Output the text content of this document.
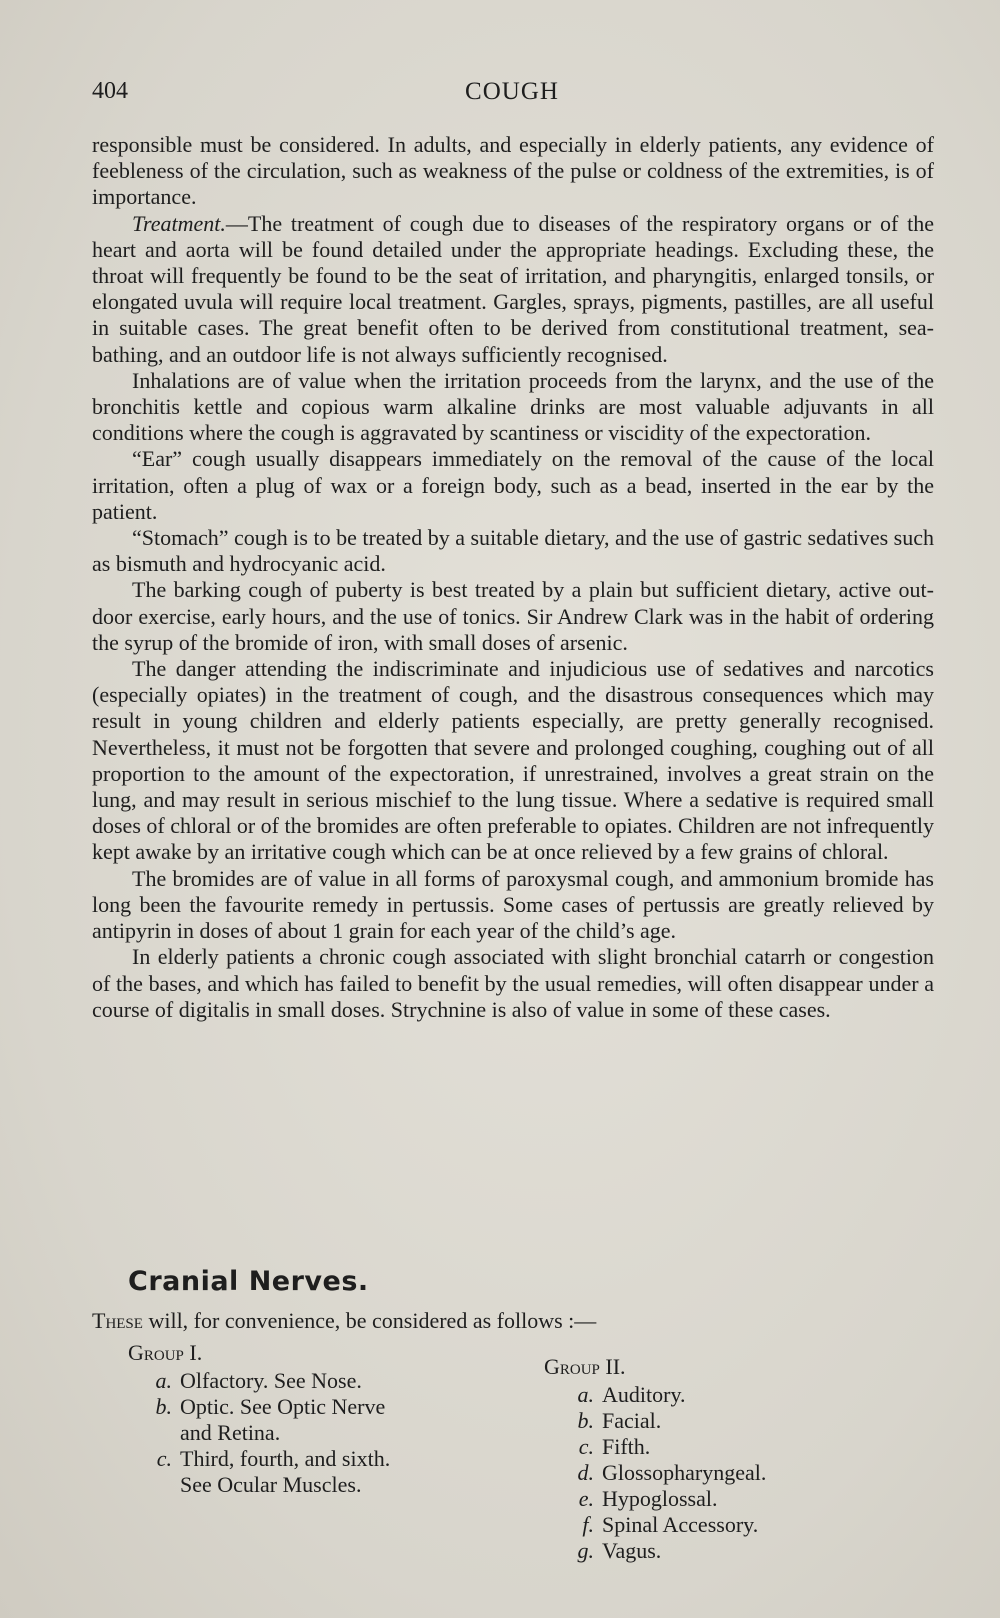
404	COUGH

responsible must be considered. In adults, and especially in elderly patients, any evidence of feebleness of the circulation, such as weakness of the pulse or coldness of the extremities, is of importance.

Treatment.—The treatment of cough due to diseases of the respiratory organs or of the heart and aorta will be found detailed under the appropriate headings. Excluding these, the throat will frequently be found to be the seat of irritation, and pharyngitis, enlarged tonsils, or elongated uvula will require local treatment. Gargles, sprays, pigments, pastilles, are all useful in suitable cases. The great benefit often to be derived from constitutional treatment, sea-bathing, and an outdoor life is not always sufficiently recognised.

Inhalations are of value when the irritation proceeds from the larynx, and the use of the bronchitis kettle and copious warm alkaline drinks are most valuable adjuvants in all conditions where the cough is aggravated by scantiness or viscidity of the expectoration.

“Ear” cough usually disappears immediately on the removal of the cause of the local irritation, often a plug of wax or a foreign body, such as a bead, inserted in the ear by the patient.

“Stomach” cough is to be treated by a suitable dietary, and the use of gastric sedatives such as bismuth and hydrocyanic acid.

The barking cough of puberty is best treated by a plain but sufficient dietary, active out-door exercise, early hours, and the use of tonics. Sir Andrew Clark was in the habit of ordering the syrup of the bromide of iron, with small doses of arsenic.

The danger attending the indiscriminate and injudicious use of sedatives and narcotics (especially opiates) in the treatment of cough, and the disastrous consequences which may result in young children and elderly patients especially, are pretty generally recognised. Nevertheless, it must not be forgotten that severe and prolonged coughing, coughing out of all proportion to the amount of the expectoration, if unrestrained, involves a great strain on the lung, and may result in serious mischief to the lung tissue. Where a sedative is required small doses of chloral or of the bromides are often preferable to opiates. Children are not infrequently kept awake by an irritative cough which can be at once relieved by a few grains of chloral.

The bromides are of value in all forms of paroxysmal cough, and ammonium bromide has long been the favourite remedy in pertussis. Some cases of pertussis are greatly relieved by antipyrin in doses of about 1 grain for each year of the child’s age.

In elderly patients a chronic cough associated with slight bronchial catarrh or congestion of the bases, and which has failed to benefit by the usual remedies, will often disappear under a course of digitalis in small doses. Strychnine is also of value in some of these cases.

Cranial Nerves.
These will, for convenience, be considered as follows :—
Group I.
a. Olfactory. See Nose.
b. Optic. See Optic Nerve
and Retina.
c. Third, fourth, and sixth.
See Ocular Muscles.
Group II.
a. Auditory.
b. Facial.
c. Fifth.
d. Glossopharyngeal.
e. Hypoglossal.
f. Spinal Accessory.
g. Vagus.
